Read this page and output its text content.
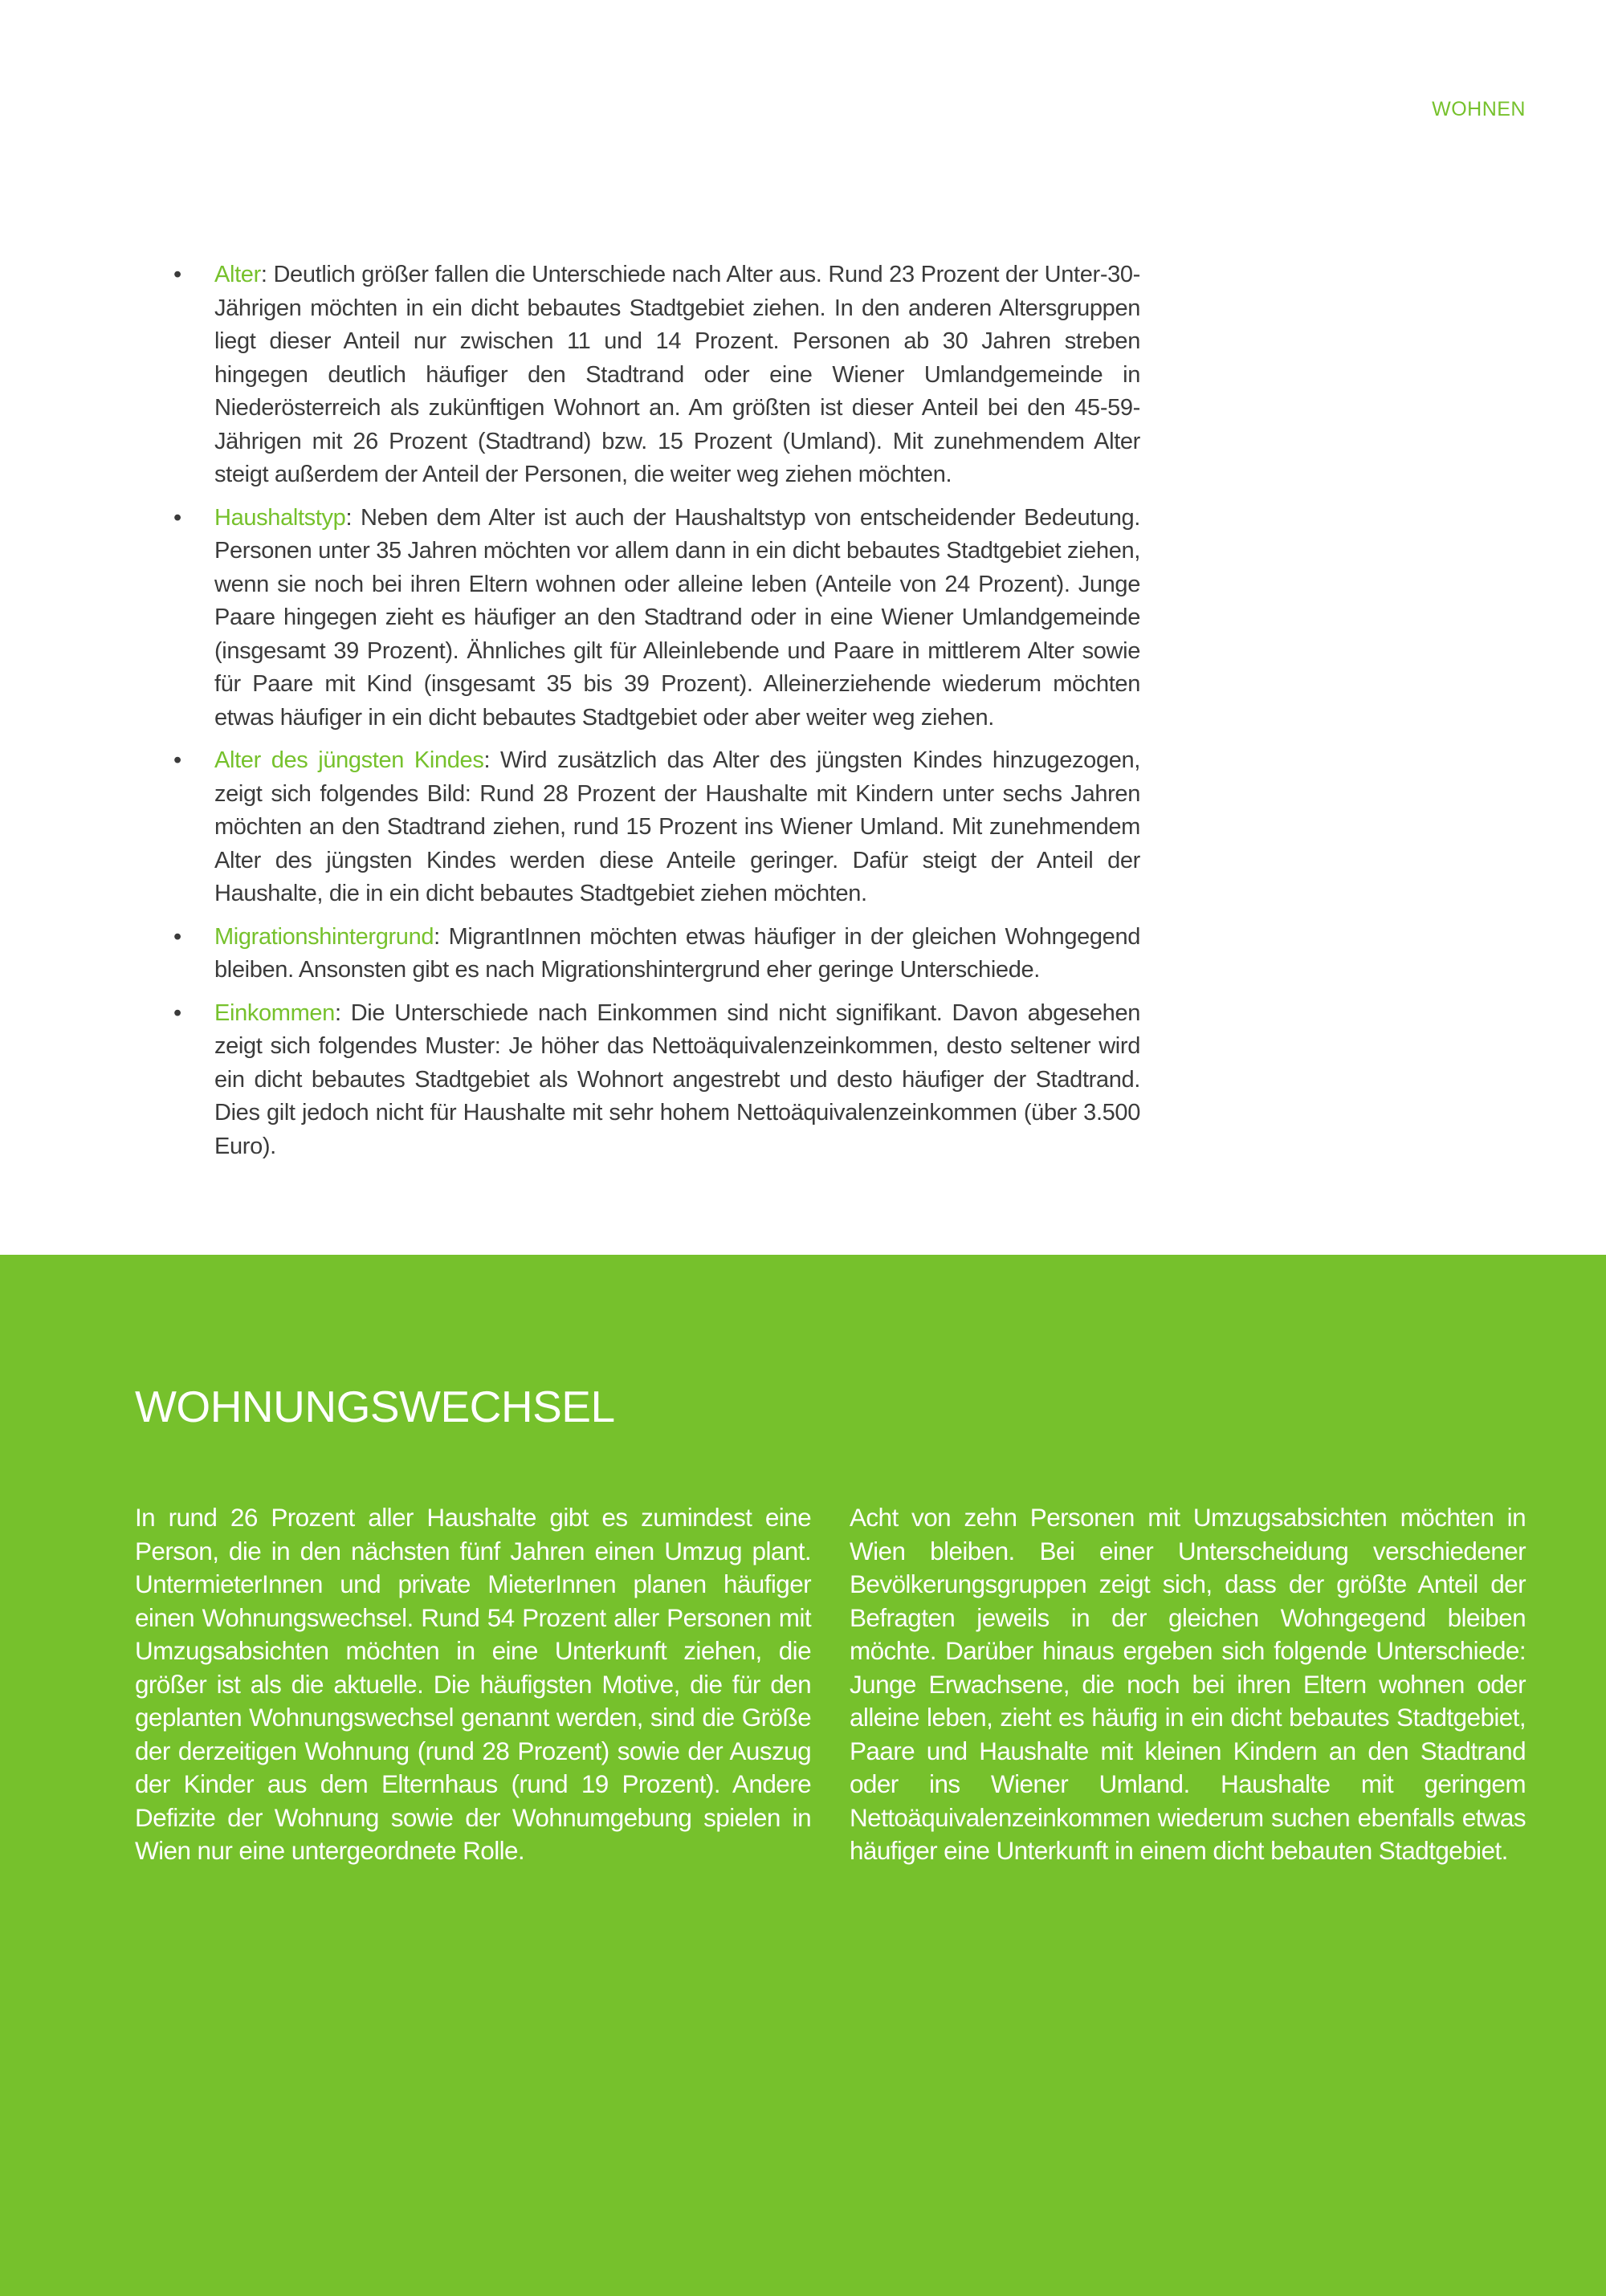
WOHNEN
• Alter: Deutlich größer fallen die Unterschiede nach Alter aus. Rund 23 Prozent der Unter-30-Jährigen möchten in ein dicht bebautes Stadtgebiet ziehen. In den anderen Altersgruppen liegt dieser Anteil nur zwischen 11 und 14 Prozent. Personen ab 30 Jahren streben hingegen deutlich häufiger den Stadtrand oder eine Wiener Umlandgemeinde in Niederösterreich als zukünftigen Wohnort an. Am größten ist dieser Anteil bei den 45-59-Jährigen mit 26 Prozent (Stadtrand) bzw. 15 Prozent (Umland). Mit zunehmendem Alter steigt außerdem der Anteil der Personen, die weiter weg ziehen möchten.
• Haushaltstyp: Neben dem Alter ist auch der Haushaltstyp von entscheidender Bedeutung. Personen unter 35 Jahren möchten vor allem dann in ein dicht bebautes Stadtgebiet ziehen, wenn sie noch bei ihren Eltern wohnen oder alleine leben (Anteile von 24 Prozent). Junge Paare hingegen zieht es häufiger an den Stadtrand oder in eine Wiener Umlandgemeinde (insgesamt 39 Prozent). Ähnliches gilt für Alleinlebende und Paare in mittlerem Alter sowie für Paare mit Kind (insgesamt 35 bis 39 Prozent). Alleinerziehende wiederum möchten etwas häufiger in ein dicht bebautes Stadtgebiet oder aber weiter weg ziehen.
• Alter des jüngsten Kindes: Wird zusätzlich das Alter des jüngsten Kindes hinzugezogen, zeigt sich folgendes Bild: Rund 28 Prozent der Haushalte mit Kindern unter sechs Jahren möchten an den Stadtrand ziehen, rund 15 Prozent ins Wiener Umland. Mit zunehmendem Alter des jüngsten Kindes werden diese Anteile geringer. Dafür steigt der Anteil der Haushalte, die in ein dicht bebautes Stadtgebiet ziehen möchten.
• Migrationshintergrund: MigrantInnen möchten etwas häufiger in der gleichen Wohngegend bleiben. Ansonsten gibt es nach Migrationshintergrund eher geringe Unterschiede.
• Einkommen: Die Unterschiede nach Einkommen sind nicht signifikant. Davon abgesehen zeigt sich folgendes Muster: Je höher das Nettoäquivalenzeinkommen, desto seltener wird ein dicht bebautes Stadtgebiet als Wohnort angestrebt und desto häufiger der Stadtrand. Dies gilt jedoch nicht für Haushalte mit sehr hohem Nettoäquivalenzeinkommen (über 3.500 Euro).
WOHNUNGSWECHSEL

In rund 26 Prozent aller Haushalte gibt es zumindest eine Person, die in den nächsten fünf Jahren einen Umzug plant. UntermieterInnen und private MieterInnen planen häufiger einen Wohnungswechsel. Rund 54 Prozent aller Personen mit Umzugsabsichten möchten in eine Unterkunft ziehen, die größer ist als die aktuelle. Die häufigsten Motive, die für den geplanten Wohnungswechsel genannt werden, sind die Größe der derzeitigen Wohnung (rund 28 Prozent) sowie der Auszug der Kinder aus dem Elternhaus (rund 19 Prozent). Andere Defizite der Wohnung sowie der Wohnumgebung spielen in Wien nur eine untergeordnete Rolle.

Acht von zehn Personen mit Umzugsabsichten möchten in Wien bleiben. Bei einer Unterscheidung verschiedener Bevölkerungsgruppen zeigt sich, dass der größte Anteil der Befragten jeweils in der gleichen Wohngegend bleiben möchte. Darüber hinaus ergeben sich folgende Unterschiede: Junge Erwachsene, die noch bei ihren Eltern wohnen oder alleine leben, zieht es häufig in ein dicht bebautes Stadtgebiet, Paare und Haushalte mit kleinen Kindern an den Stadtrand oder ins Wiener Umland. Haushalte mit geringem Nettoäquivalenzeinkommen wiederum suchen ebenfalls etwas häufiger eine Unterkunft in einem dicht bebauten Stadtgebiet.
